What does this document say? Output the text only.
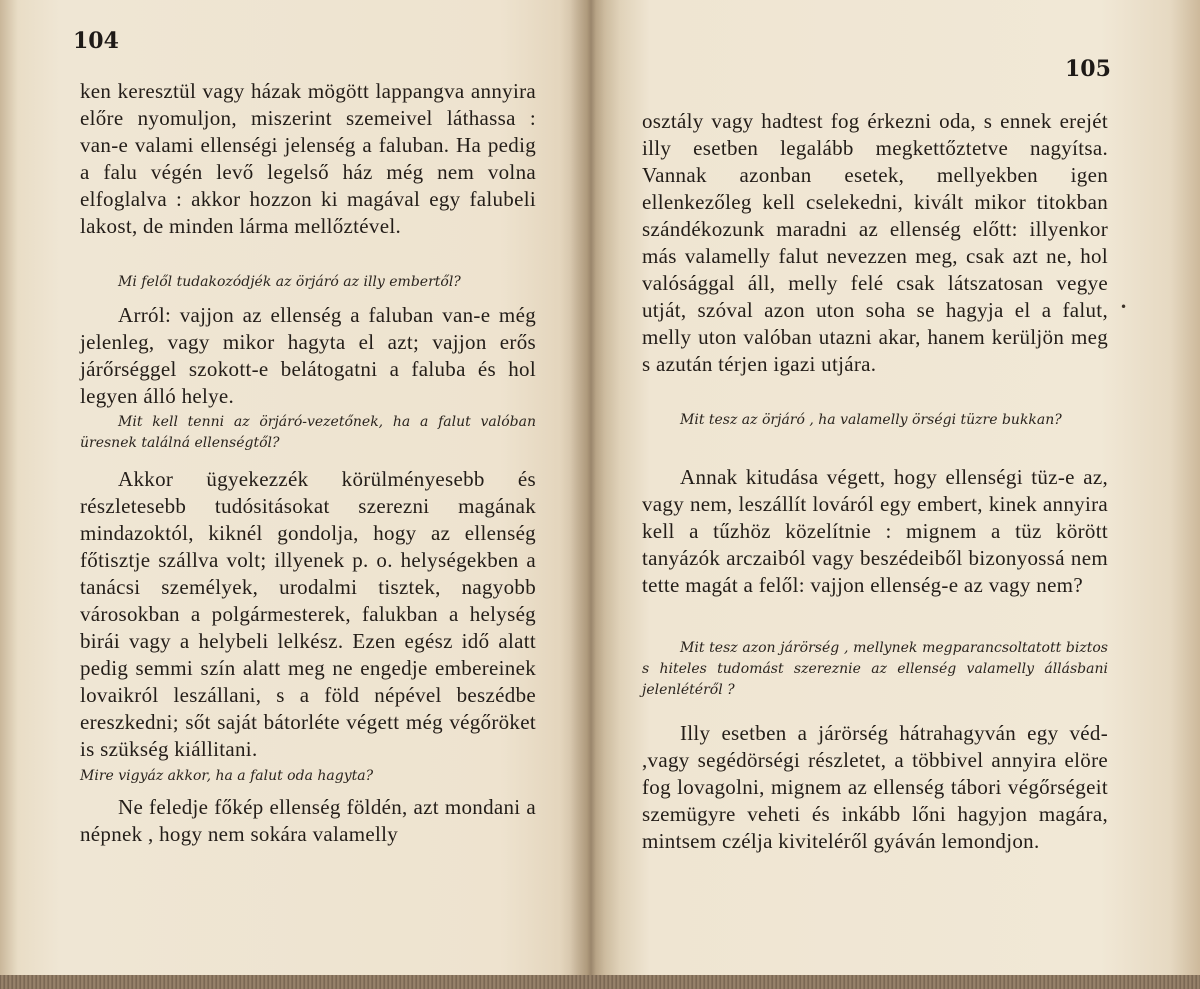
104
ken keresztül vagy házak mögött lappangva annyira előre nyomuljon, miszerint szemeivel láthassa : van-e valami ellenségi jelenség a faluban. Ha pedig a falu végén levő legelső ház még nem volna elfoglalva : akkor hozzon ki magával egy falubeli lakost, de minden lárma mellőztével.
Mi felől tudakozódjék az örjáró az illy embertől?
Arról: vajjon az ellenség a faluban van-e még jelenleg, vagy mikor hagyta el azt; vajjon erős járőrséggel szokott-e belátogatni a faluba és hol legyen álló helye.
Mit kell tenni az örjáró-vezetőnek, ha a falut valóban üresnek találná ellenségtől?
Akkor ügyekezzék körülményesebb és részletesebb tudósitásokat szerezni magának mindazoktól, kiknél gondolja, hogy az ellenség főtisztje szállva volt; illyenek p. o. helységekben a tanácsi személyek, urodalmi tisztek, nagyobb városokban a polgármesterek, falukban a helység birái vagy a helybeli lelkész. Ezen egész idő alatt pedig semmi szín alatt meg ne engedje embereinek lovaikról leszállani, s a föld népével beszédbe ereszkedni; sőt saját bátorléte végett még végőröket is szükség kiállitani.
Mire vigyáz akkor, ha a falut oda hagyta?
Ne feledje főkép ellenség földén, azt mondani a népnek , hogy nem sokára valamelly
105
osztály vagy hadtest fog érkezni oda, s ennek erejét illy esetben legalább megkettőztetve nagyítsa. Vannak azonban esetek, mellyekben igen ellenkezőleg kell cselekedni, kivált mikor titokban szándékozunk maradni az ellenség előtt: illyenkor más valamelly falut nevezzen meg, csak azt ne, hol valósággal áll, melly felé csak látszatosan vegye utját, szóval azon uton soha se hagyja el a falut, melly uton valóban utazni akar, hanem kerüljön meg s azután térjen igazi utjára.
Mit tesz az örjáró , ha valamelly örségi tüzre bukkan?
Annak kitudása végett, hogy ellenségi tüz-e az, vagy nem, leszállít lováról egy embert, kinek annyira kell a tűzhöz közelítnie : mignem a tüz körött tanyázók arczaiból vagy beszédeiből bizonyossá nem tette magát a felől: vajjon ellenség-e az vagy nem?
Mit tesz azon járörség , mellynek megparancsoltatott biztos s hiteles tudomást szereznie az ellenség valamelly állásbani jelenlétéről ?
Illy esetben a járörség hátrahagyván egy véd- ,vagy segédörségi részletet, a többivel annyira elöre fog lovagolni, mignem az ellenség tábori végőrségeit szemügyre veheti és inkább lőni hagyjon magára, mintsem czélja kiviteléről gyáván lemondjon.
•
